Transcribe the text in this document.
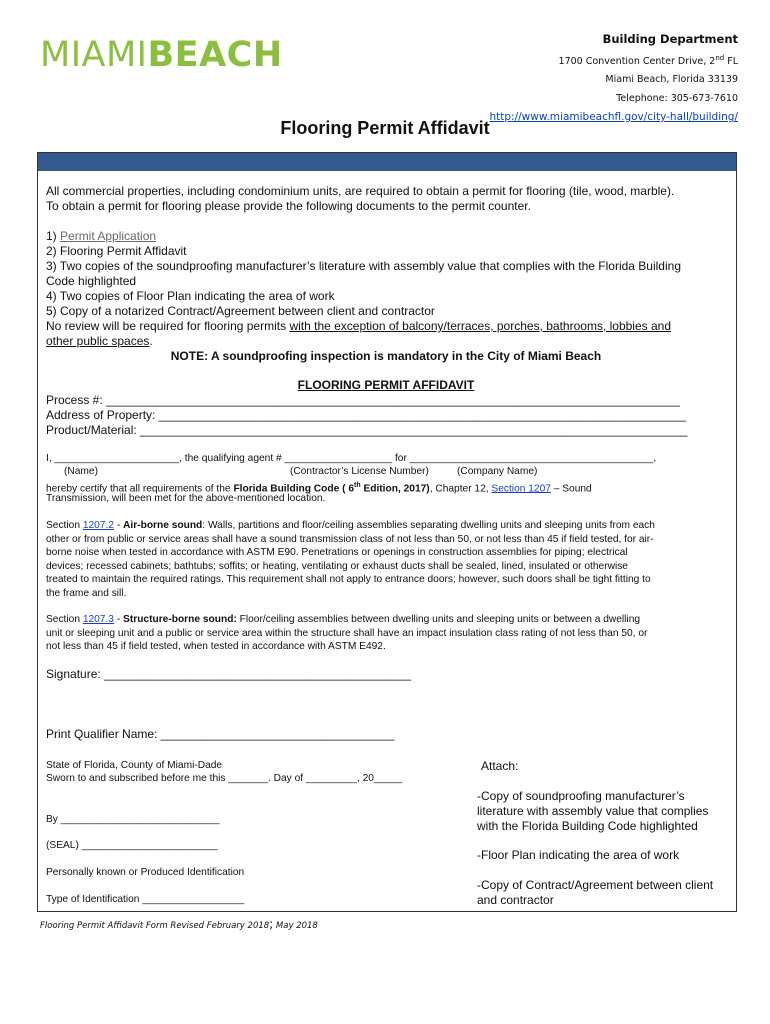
MIAMIBEACH	Building Department
1700 Convention Center Drive, 2nd FL
Miami Beach, Florida 33139
Telephone: 305-673-7610
http://www.miamibeachfl.gov/city-hall/building/
Flooring Permit Affidavit
All commercial properties, including condominium units, are required to obtain a permit for flooring (tile, wood, marble).
To obtain a permit for flooring please provide the following documents to the permit counter.
1) Permit Application
2) Flooring Permit Affidavit
3) Two copies of the soundproofing manufacturer’s literature with assembly value that complies with the Florida Building
Code highlighted
4) Two copies of Floor Plan indicating the area of work
5) Copy of a notarized Contract/Agreement between client and contractor
No review will be required for flooring permits with the exception of balcony/terraces, porches, bathrooms, lobbies and
other public spaces.
NOTE: A soundproofing inspection is mandatory in the City of Miami Beach
FLOORING PERMIT AFFIDAVIT
Process #: ______________________________________________________________________________________
Address of Property: _______________________________________________________________________________
Product/Material: __________________________________________________________________________________
I, ______________________, the qualifying agent # ___________________ for ___________________________________________,
(Name)	(Contractor’s License Number)	(Company Name)
hereby certify that all requirements of the Florida Building Code ( 6th Edition, 2017), Chapter 12, Section 1207 – Sound
Transmission, will been met for the above-mentioned location.
Section 1207.2 - Air-borne sound: Walls, partitions and floor/ceiling assemblies separating dwelling units and sleeping units from each
other or from public or service areas shall have a sound transmission class of not less than 50, or not less than 45 if field tested, for air-
borne noise when tested in accordance with ASTM E90. Penetrations or openings in construction assemblies for piping; electrical
devices; recessed cabinets; bathtubs; soffits; or heating, ventilating or exhaust ducts shall be sealed, lined, insulated or otherwise
treated to maintain the required ratings. This requirement shall not apply to entrance doors; however, such doors shall be tight fitting to
the frame and sill.
Section 1207.3 - Structure-borne sound: Floor/ceiling assemblies between dwelling units and sleeping units or between a dwelling
unit or sleeping unit and a public or service area within the structure shall have an impact insulation class rating of not less than 50, or
not less than 45 if field tested, when tested in accordance with ASTM E492.
Signature: ______________________________________________
Print Qualifier Name: ___________________________________
State of Florida, County of Miami-Dade
Sworn to and subscribed before me this _______. Day of _________, 20_____
By ____________________________
(SEAL) ________________________
Personally known or Produced Identification
Type of Identification __________________
Attach:
-Copy of soundproofing manufacturer’s
literature with assembly value that complies
with the Florida Building Code highlighted
-Floor Plan indicating the area of work
-Copy of Contract/Agreement between client
and contractor
Flooring Permit Affidavit Form Revised February 2018; May 2018
